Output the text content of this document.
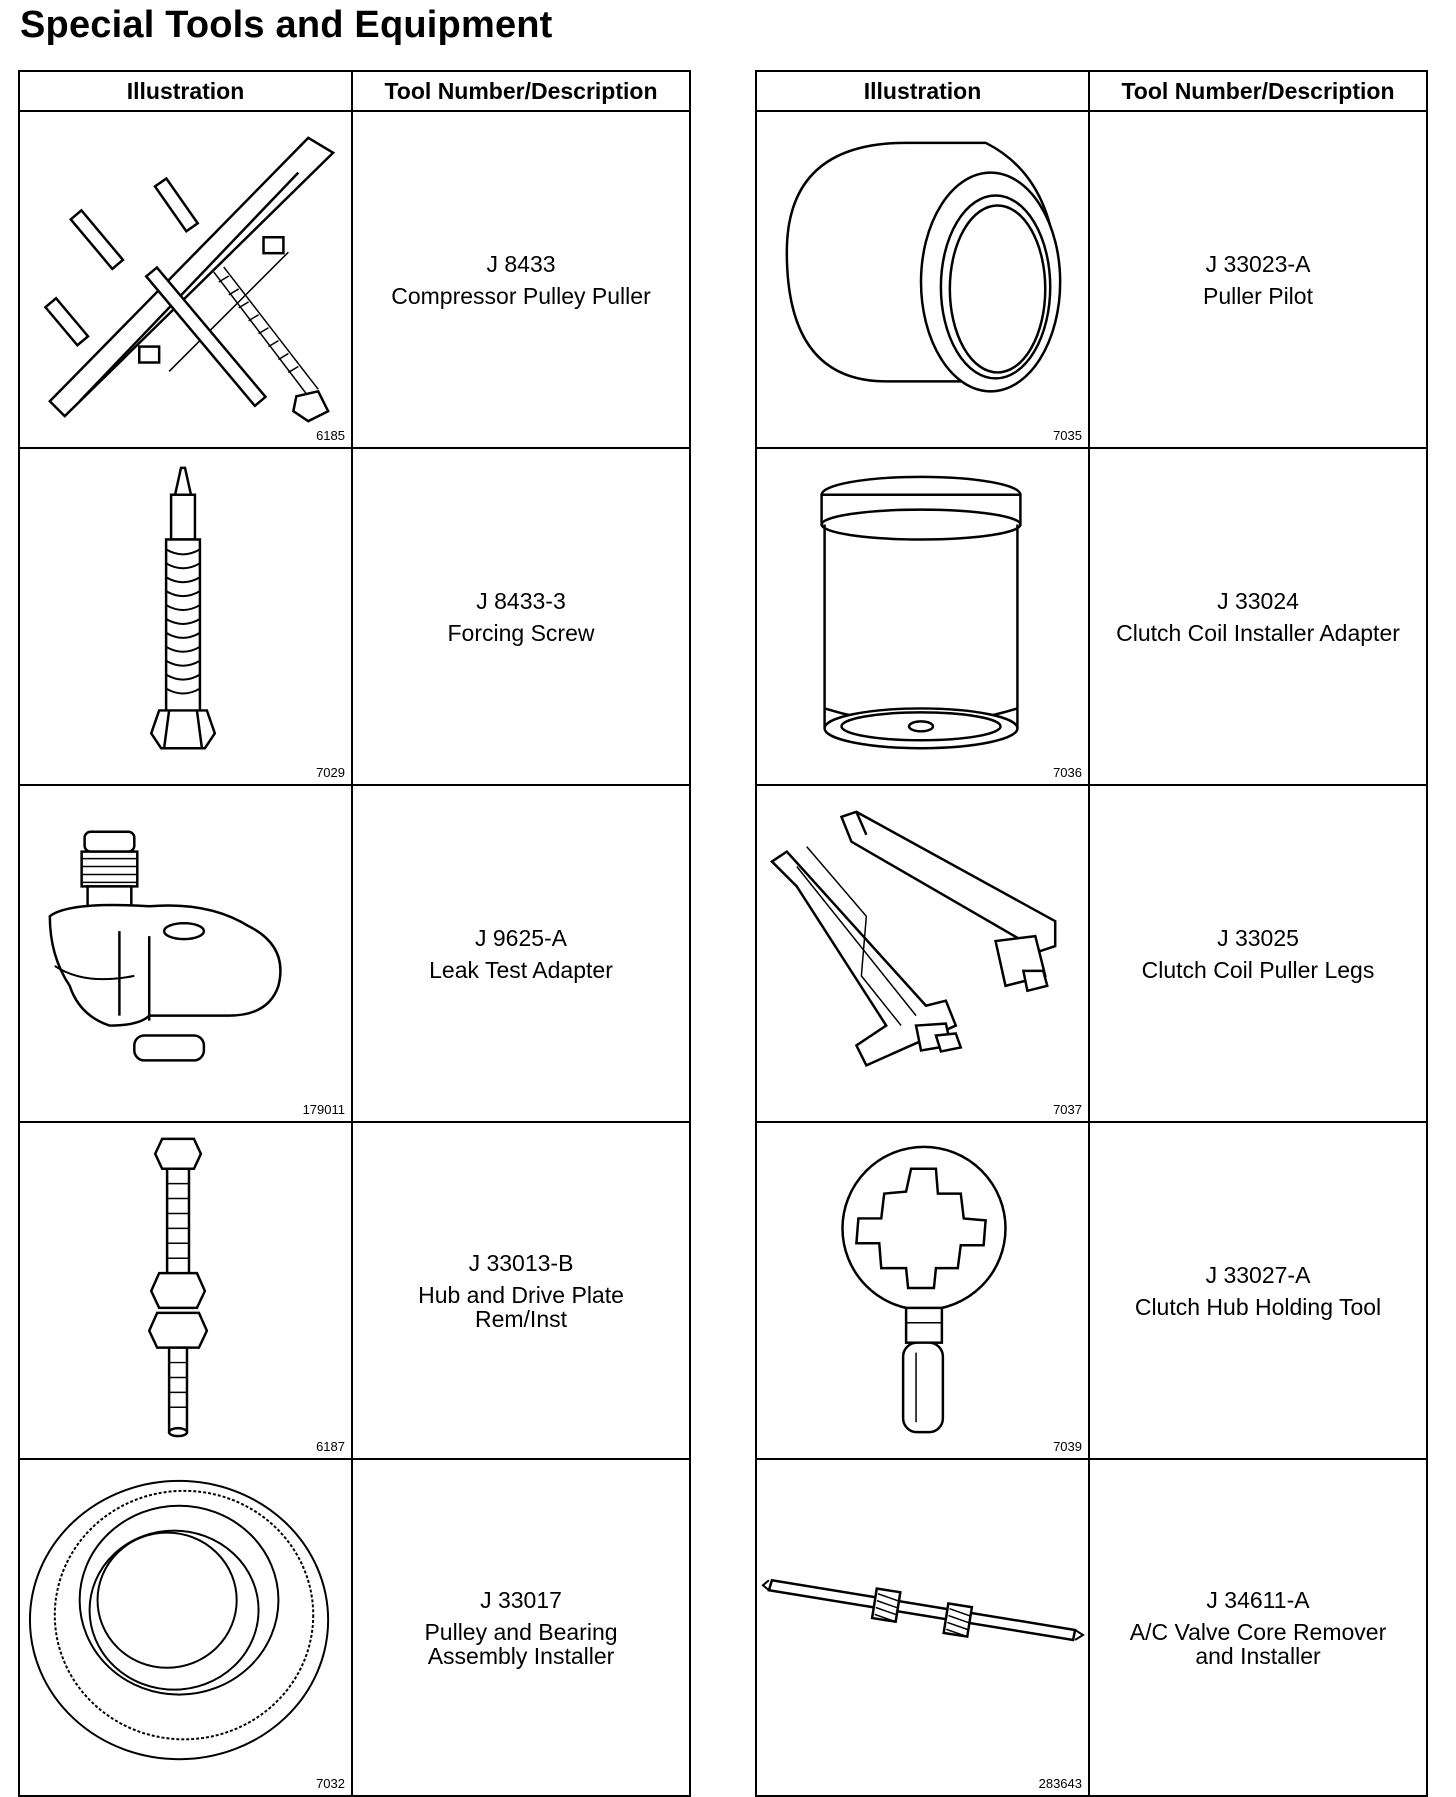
Special Tools and Equipment
Illustration	Tool Number/Description

6185	J 8433
Compressor Pulley Puller

7029	J 8433-3
Forcing Screw

179011	J 9625-A
Leak Test Adapter

6187	J 33013-B
Hub and Drive Plate
Rem/Inst

7032	J 33017
Pulley and Bearing
Assembly Installer
Illustration	Tool Number/Description

7035	J 33023-A
Puller Pilot

7036	J 33024
Clutch Coil Installer Adapter

7037	J 33025
Clutch Coil Puller Legs

7039	J 33027-A
Clutch Hub Holding Tool

283643	J 34611-A
A/C Valve Core Remover
and Installer
